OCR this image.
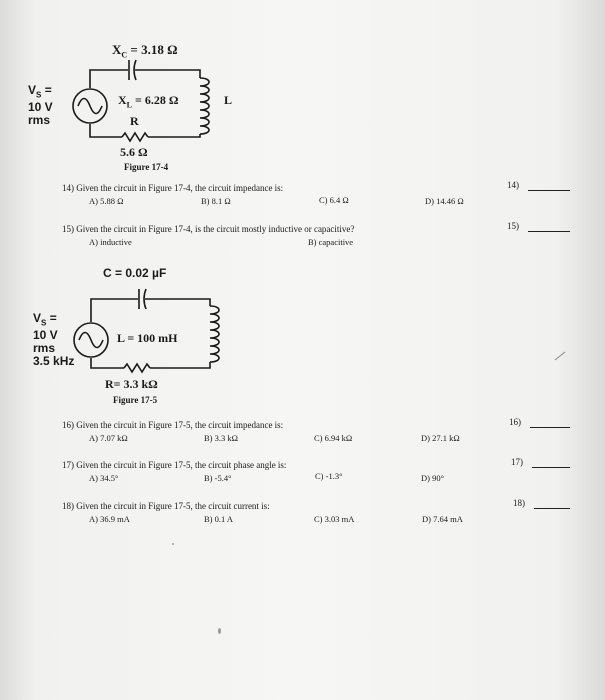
$X_C = 3.18$ Ω
$X_L = 6.28$ Ω	L
R
5.6 Ω
$V_S$ =
10 V
rms
Figure 17-4
14) Given the circuit in Figure 17-4, the circuit impedance is:
A) 5.88 Ω	B) 8.1 Ω	C) 6.4 Ω	D) 14.46 Ω
14)
15) Given the circuit in Figure 17-4, is the circuit mostly inductive or capacitive?
A) inductive	B) capacitive
15)
C = 0.02 µF
L = 100 mH
R= 3.3 kΩ
$V_S$ =
10 V
rms
3.5 kHz
Figure 17-5
16) Given the circuit in Figure 17-5, the circuit impedance is:
A) 7.07 kΩ	B) 3.3 kΩ	C) 6.94 kΩ	D) 27.1 kΩ
16)
17) Given the circuit in Figure 17-5, the circuit phase angle is:
A) 34.5°	B) -5.4°	C) -1.3°	D) 90°
17)
18) Given the circuit in Figure 17-5, the circuit current is:
A) 36.9 mA	B) 0.1 A	C) 3.03 mA	D) 7.64 mA
18)
